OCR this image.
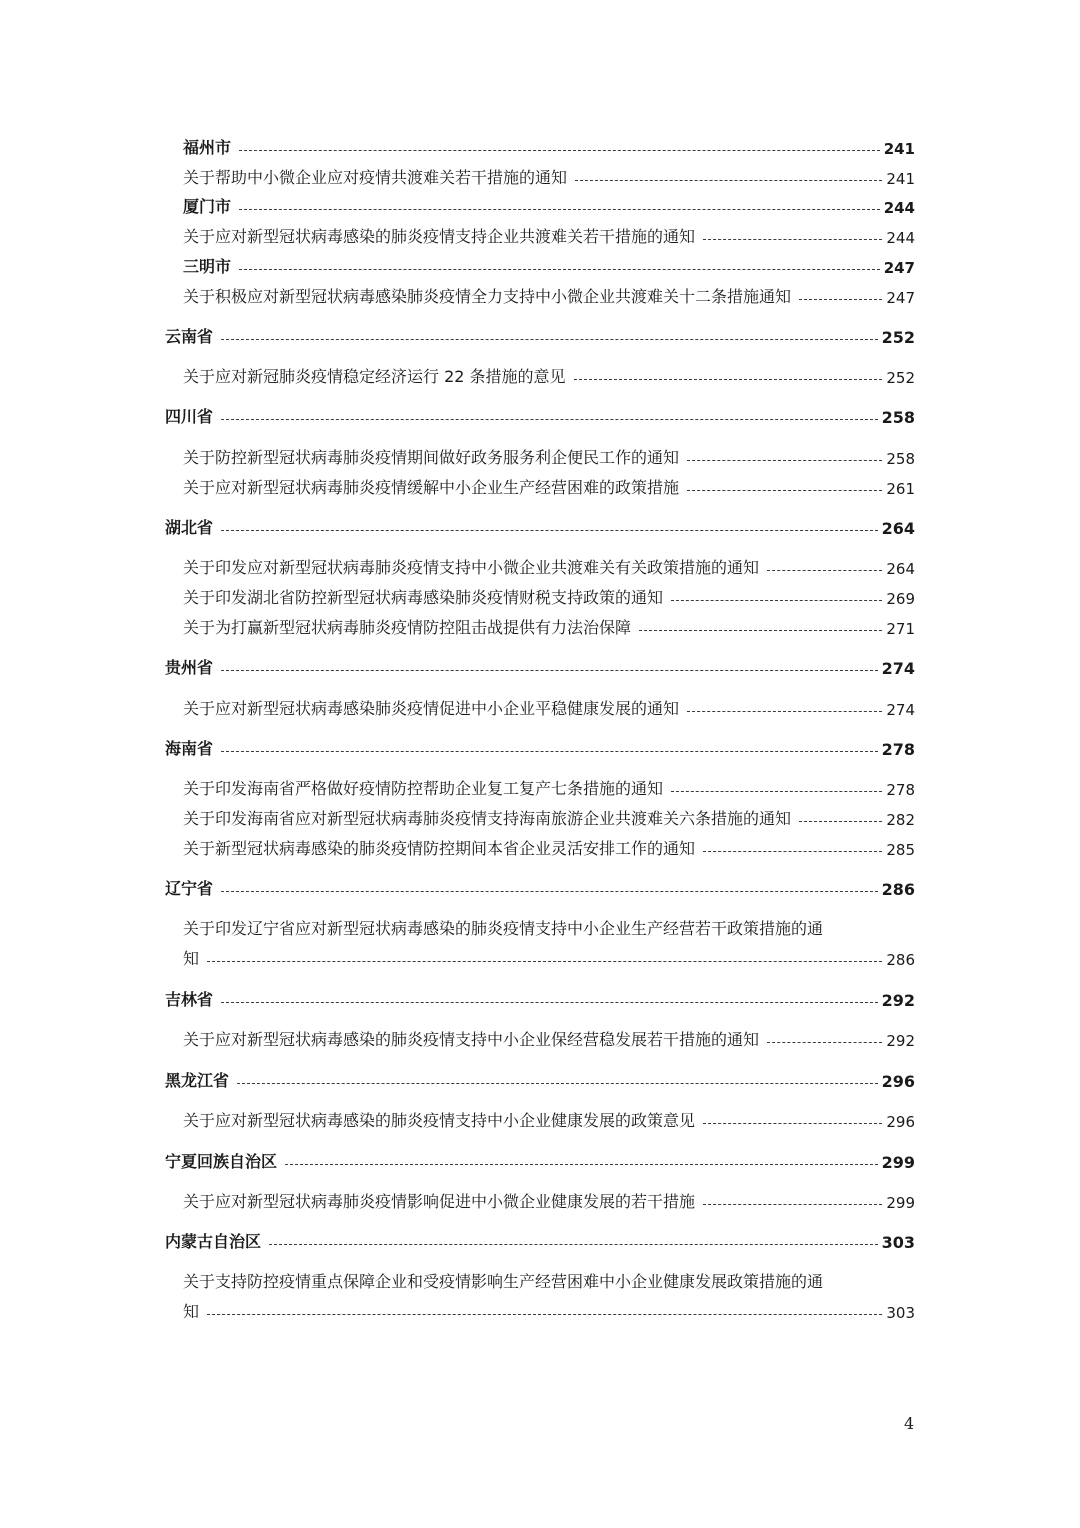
福州市	241
关于帮助中小微企业应对疫情共渡难关若干措施的通知	241
厦门市	244
关于应对新型冠状病毒感染的肺炎疫情支持企业共渡难关若干措施的通知	244
三明市	247
关于积极应对新型冠状病毒感染肺炎疫情全力支持中小微企业共渡难关十二条措施通知	247
云南省	252
关于应对新冠肺炎疫情稳定经济运行 22 条措施的意见	252
四川省	258
关于防控新型冠状病毒肺炎疫情期间做好政务服务利企便民工作的通知	258
关于应对新型冠状病毒肺炎疫情缓解中小企业生产经营困难的政策措施	261
湖北省	264
关于印发应对新型冠状病毒肺炎疫情支持中小微企业共渡难关有关政策措施的通知	264
关于印发湖北省防控新型冠状病毒感染肺炎疫情财税支持政策的通知	269
关于为打赢新型冠状病毒肺炎疫情防控阻击战提供有力法治保障	271
贵州省	274
关于应对新型冠状病毒感染肺炎疫情促进中小企业平稳健康发展的通知	274
海南省	278
关于印发海南省严格做好疫情防控帮助企业复工复产七条措施的通知	278
关于印发海南省应对新型冠状病毒肺炎疫情支持海南旅游企业共渡难关六条措施的通知	282
关于新型冠状病毒感染的肺炎疫情防控期间本省企业灵活安排工作的通知	285
辽宁省	286
关于印发辽宁省应对新型冠状病毒感染的肺炎疫情支持中小企业生产经营若干政策措施的通
知	286
吉林省	292
关于应对新型冠状病毒感染的肺炎疫情支持中小企业保经营稳发展若干措施的通知	292
黑龙江省	296
关于应对新型冠状病毒感染的肺炎疫情支持中小企业健康发展的政策意见	296
宁夏回族自治区	299
关于应对新型冠状病毒肺炎疫情影响促进中小微企业健康发展的若干措施	299
内蒙古自治区	303
关于支持防控疫情重点保障企业和受疫情影响生产经营困难中小企业健康发展政策措施的通
知	303
4
